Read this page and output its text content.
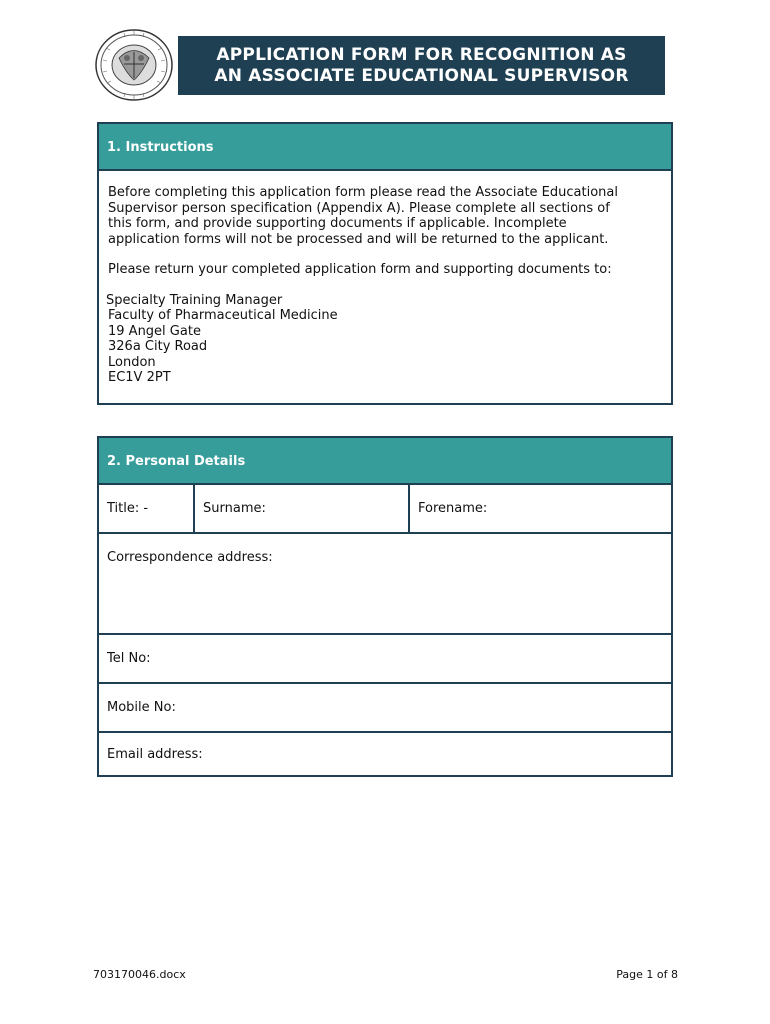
APPLICATION FORM FOR RECOGNITION AS
AN ASSOCIATE EDUCATIONAL SUPERVISOR
1. Instructions

Before completing this application form please read the Associate Educational
Supervisor person specification (Appendix A). Please complete all sections of
this form, and provide supporting documents if applicable. Incomplete
application forms will not be processed and will be returned to the applicant.

Please return your completed application form and supporting documents to:

Specialty Training Manager
Faculty of Pharmaceutical Medicine
19 Angel Gate
326a City Road
London
EC1V 2PT
2. Personal Details
Title: -	Surname:	Forename:
Correspondence address:
Tel No:
Mobile No:
Email address:
703170046.docx	Page 1 of 8
